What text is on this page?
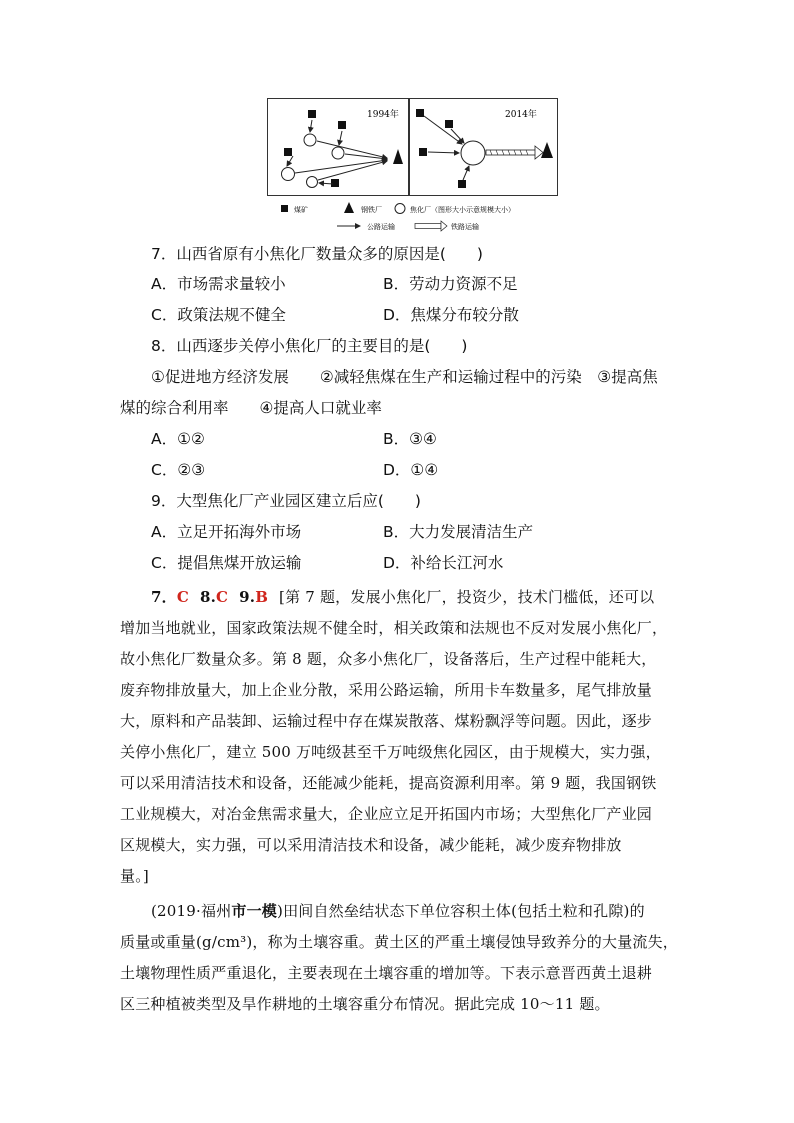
1994年	2014年
煤矿	钢铁厂	焦化厂（图形大小示意规模大小）
公路运输	铁路运输
7．山西省原有小焦化厂数量众多的原因是(　　)
A．市场需求量较小	B．劳动力资源不足
C．政策法规不健全	D．焦煤分布较分散
8．山西逐步关停小焦化厂的主要目的是(　　)
①促进地方经济发展　　②减轻焦煤在生产和运输过程中的污染　③提高焦
煤的综合利用率　　④提高人口就业率
A．①②	B．③④
C．②③	D．①④
9．大型焦化厂产业园区建立后应(　　)
A．立足开拓海外市场	B．大力发展清洁生产
C．提倡焦煤开放运输	D．补给长江河水
7．C 8.C 9.B [第 7 题，发展小焦化厂，投资少，技术门槛低，还可以
增加当地就业，国家政策法规不健全时，相关政策和法规也不反对发展小焦化厂，
故小焦化厂数量众多。第 8 题，众多小焦化厂，设备落后，生产过程中能耗大，
废弃物排放量大，加上企业分散，采用公路运输，所用卡车数量多，尾气排放量
大，原料和产品装卸、运输过程中存在煤炭散落、煤粉飘浮等问题。因此，逐步
关停小焦化厂，建立 500 万吨级甚至千万吨级焦化园区，由于规模大，实力强，
可以采用清洁技术和设备，还能减少能耗，提高资源利用率。第 9 题，我国钢铁
工业规模大，对冶金焦需求量大，企业应立足开拓国内市场；大型焦化厂产业园
区规模大，实力强，可以采用清洁技术和设备，减少能耗，减少废弃物排放
量。]
(2019·福州市一模)田间自然垒结状态下单位容积土体(包括土粒和孔隙)的
质量或重量(g/cm³)，称为土壤容重。黄土区的严重土壤侵蚀导致养分的大量流失，
土壤物理性质严重退化，主要表现在土壤容重的增加等。下表示意晋西黄土退耕
区三种植被类型及旱作耕地的土壤容重分布情况。据此完成 10～11 题。
